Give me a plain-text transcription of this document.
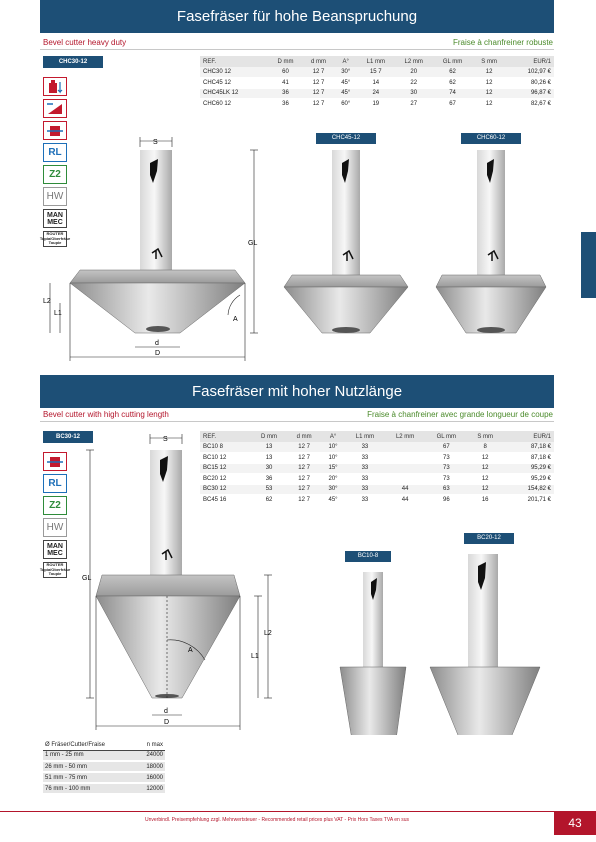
Fasefräser für hohe Beanspruchung
Bevel cutter heavy duty	Fraise à chanfreiner robuste
CHC30-12	REF.	D mm	d mm	A°	L1 mm	L2 mm	GL mm	S mm	EUR/1
CHC30 12	60	12 7	30°	15 7	20	62	12	102,97 €
CHC45 12	41	12 7	45°	14	22	62	12	80,26 €
CHC45LK 12	36	12 7	45°	24	30	74	12	96,87 €
CHC60 12	36	12 7	60°	19	27	67	12	82,67 €
RL
Z2
HW
MAN
MEC
ROUTER
Tupia/Oberfräse
Toupie
CHC45-12	CHC60-12
S
d
D
GL
L2
L1
A
Fasefräser mit hoher Nutzlänge
Bevel cutter with high cutting length	Fraise à chanfreiner avec grande longueur de coupe
BC30-12	REF.	D mm	d mm	A°	L1 mm	L2 mm	GL mm	S mm	EUR/1
BC10 8	13	12 7	10°	33		67	8	87,18 €
BC10 12	13	12 7	10°	33		73	12	87,18 €
BC15 12	30	12 7	15°	33		73	12	95,29 €
BC20 12	36	12 7	20°	33		73	12	95,29 €
BC30 12	53	12 7	30°	33	44	63	12	154,82 €
BC45 16	62	12 7	45°	33	44	96	16	201,71 €
RL
Z2
HW
MAN
MEC
ROUTER
Tupia/Oberfräse
Toupie
BC10-8
BC20-12
S
d
D
GL
L2
L1
A
Ø Fräser/Cutter/Fraise	n max
1 mm - 25 mm	24000
26 mm - 50 mm	18000
51 mm - 75 mm	16000
76 mm - 100 mm	12000
Unverbindl. Preisempfehlung zzgl. Mehrwertsteuer - Recommended retail prices plus VAT - Prix Hors Taxes TVA en sus	43
